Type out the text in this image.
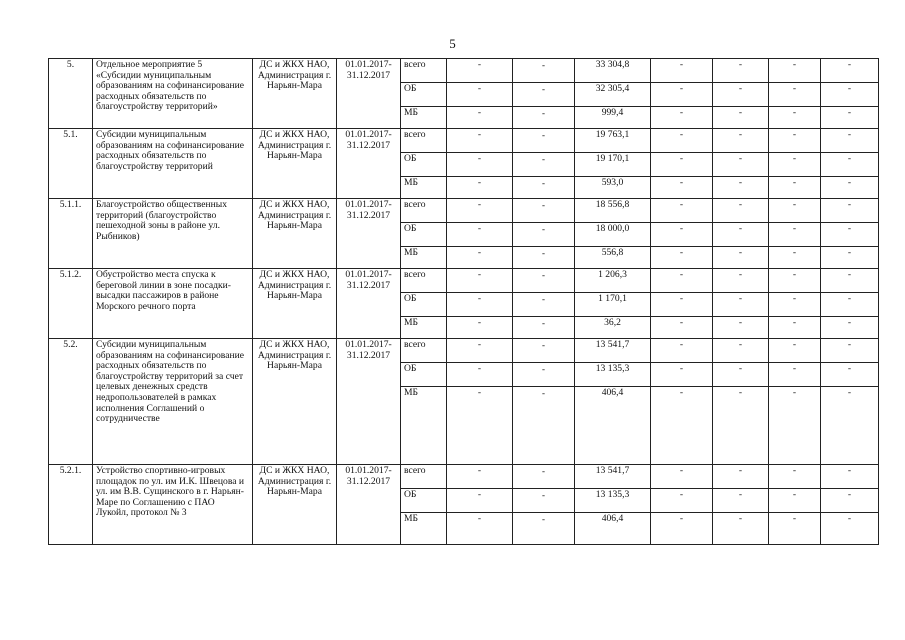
5
5.	Отдельное мероприятие 5 «Субсидии муниципальным образованиям на софинансирование расходных обязательств по благоустройству территорий»	ДС и ЖКХ НАО, Администрация г. Нарьян-Мара	01.01.2017- 31.12.2017	всего	-	-	33 304,8	-	-	-	-
				ОБ	-	-	32 305,4	-	-	-	-
				МБ	-	-	999,4	-	-	-	-
5.1.	Субсидии муниципальным образованиям на софинансирование расходных обязательств по благоустройству территорий	ДС и ЖКХ НАО, Администрация г. Нарьян-Мара	01.01.2017- 31.12.2017	всего	-	-	19 763,1	-	-	-	-
				ОБ	-	-	19 170,1	-	-	-	-
				МБ	-	-	593,0	-	-	-	-
5.1.1.	Благоустройство общественных территорий (благоустройство пешеходной зоны в районе ул. Рыбников)	ДС и ЖКХ НАО, Администрация г. Нарьян-Мара	01.01.2017- 31.12.2017	всего	-	-	18 556,8	-	-	-	-
				ОБ	-	-	18 000,0	-	-	-	-
				МБ	-	-	556,8	-	-	-	-
5.1.2.	Обустройство места спуска к береговой линии в зоне посадки-высадки пассажиров в районе Морского речного порта	ДС и ЖКХ НАО, Администрация г. Нарьян-Мара	01.01.2017- 31.12.2017	всего	-	-	1 206,3	-	-	-	-
				ОБ	-	-	1 170,1	-	-	-	-
				МБ	-	-	36,2	-	-	-	-
5.2.	Субсидии муниципальным образованиям на софинансирование расходных обязательств по благоустройству территорий за счет целевых денежных средств недропользователей в рамках исполнения Соглашений о сотрудничестве	ДС и ЖКХ НАО, Администрация г. Нарьян-Мара	01.01.2017- 31.12.2017	всего	-	-	13 541,7	-	-	-	-
				ОБ	-	-	13 135,3	-	-	-	-
				МБ	-	-	406,4	-	-	-	-
5.2.1.	Устройство спортивно-игровых площадок по ул. им И.К. Швецова и ул. им В.В. Сущинского в г. Нарьян-Маре по Соглашению с ПАО Лукойл, протокол № 3	ДС и ЖКХ НАО, Администрация г. Нарьян-Мара	01.01.2017- 31.12.2017	всего	-	-	13 541,7	-	-	-	-
				ОБ	-	-	13 135,3	-	-	-	-
				МБ	-	-	406,4	-	-	-	-
